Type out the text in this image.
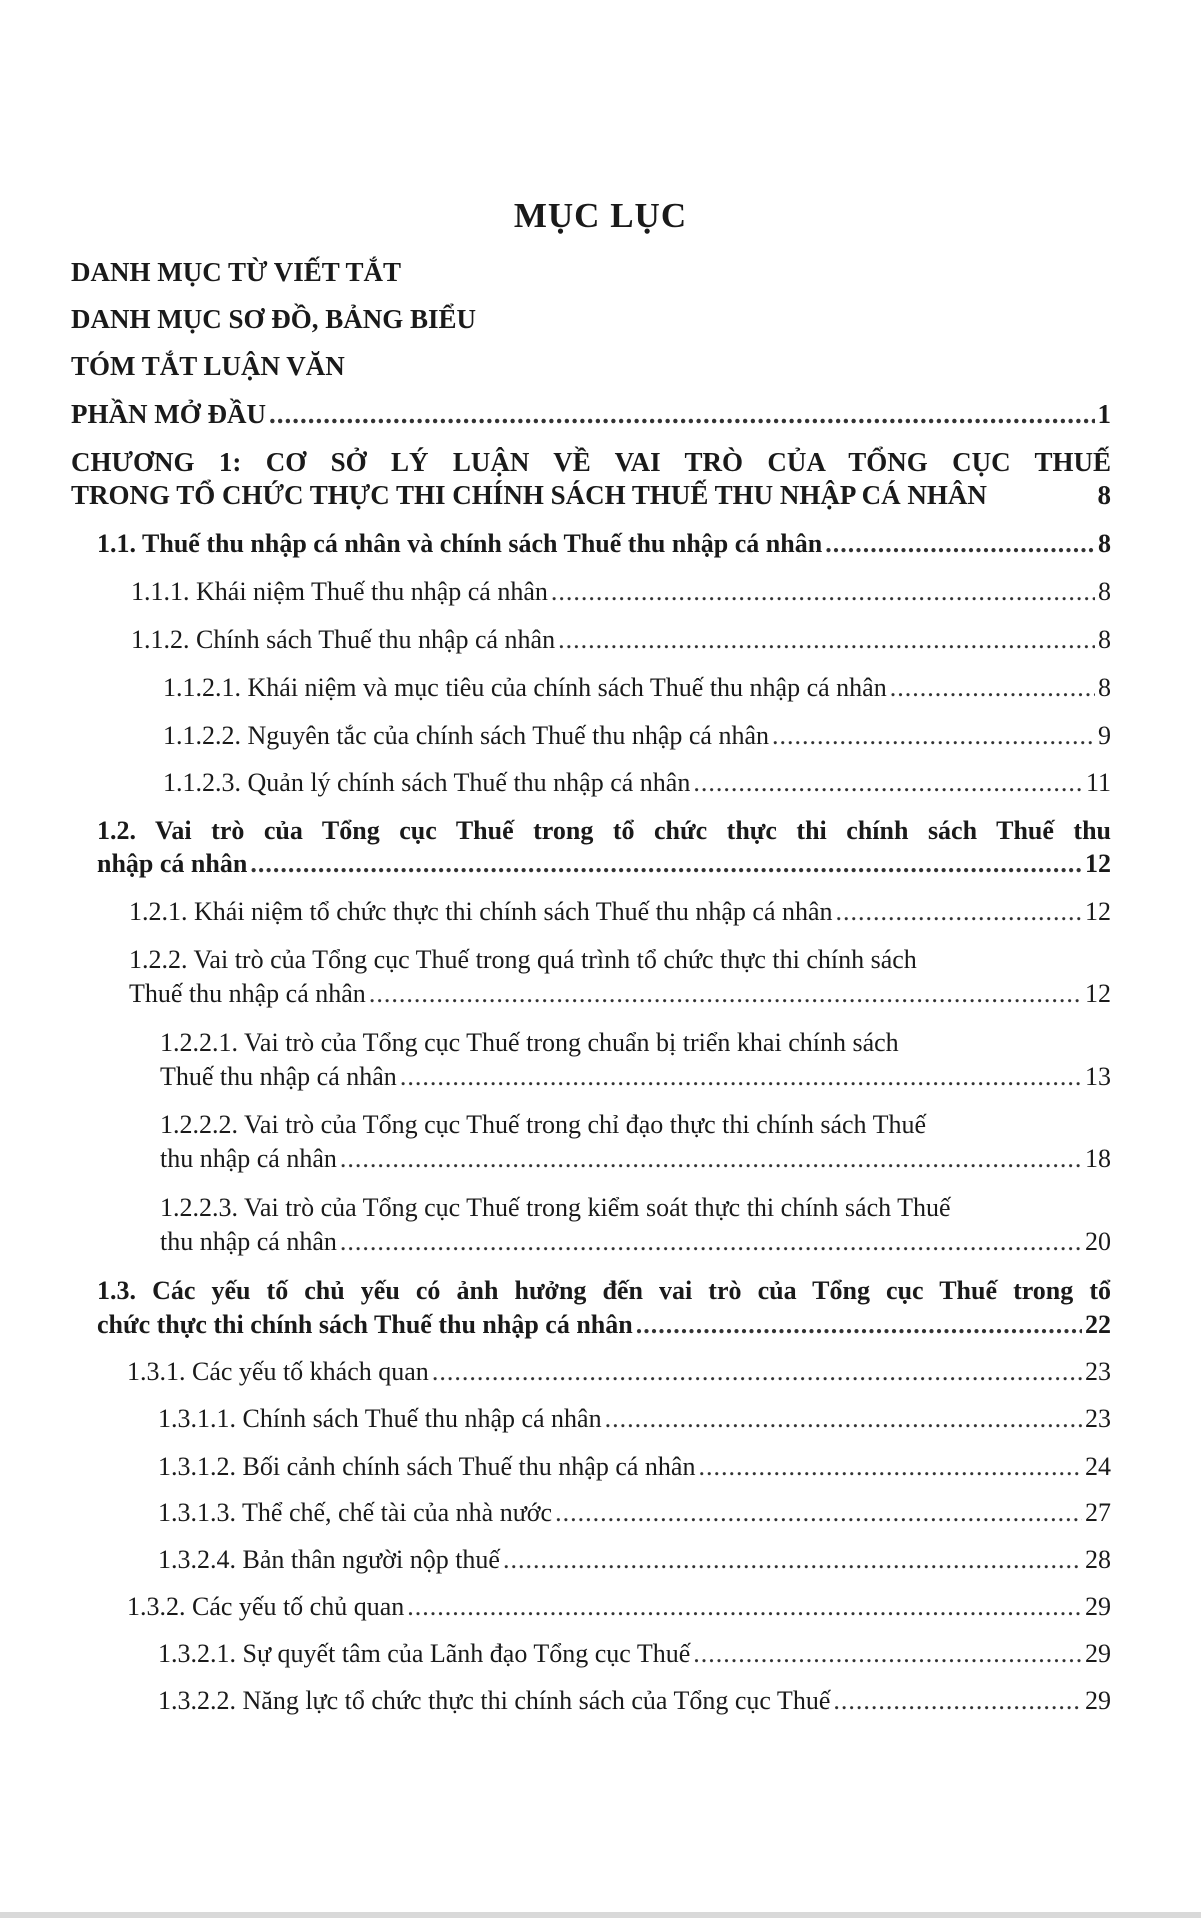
MỤC LỤC
DANH MỤC TỪ VIẾT TẮT
DANH MỤC SƠ ĐỒ, BẢNG BIỂU
TÓM TẮT LUẬN VĂN
PHẦN MỞ ĐẦU .....	1
CHƯƠNG 1: CƠ SỞ LÝ LUẬN VỀ VAI TRÒ CỦA TỔNG CỤC THUẾ
TRONG TỔ CHỨC THỰC THI CHÍNH SÁCH THUẾ THU NHẬP CÁ NHÂN	8
1.1. Thuế thu nhập cá nhân và chính sách Thuế thu nhập cá nhân .....	8
1.1.1. Khái niệm Thuế thu nhập cá nhân .....	8
1.1.2. Chính sách Thuế thu nhập cá nhân .....	8
1.1.2.1. Khái niệm và mục tiêu của chính sách Thuế thu nhập cá nhân .....	8
1.1.2.2. Nguyên tắc của chính sách Thuế thu nhập cá nhân .....	9
1.1.2.3. Quản lý chính sách Thuế thu nhập cá nhân .....	11
1.2. Vai trò của Tổng cục Thuế trong tổ chức thực thi chính sách Thuế thu
nhập cá nhân .....	12
1.2.1. Khái niệm tổ chức thực thi chính sách Thuế thu nhập cá nhân .....	12
1.2.2. Vai trò của Tổng cục Thuế trong quá trình tổ chức thực thi chính sách
Thuế thu nhập cá nhân .....	12
1.2.2.1. Vai trò của Tổng cục Thuế trong chuẩn bị triển khai chính sách
Thuế thu nhập cá nhân .....	13
1.2.2.2. Vai trò của Tổng cục Thuế trong chỉ đạo thực thi chính sách Thuế
thu nhập cá nhân .....	18
1.2.2.3. Vai trò của Tổng cục Thuế trong kiểm soát thực thi chính sách Thuế
thu nhập cá nhân .....	20
1.3. Các yếu tố chủ yếu có ảnh hưởng đến vai trò của Tổng cục Thuế trong tổ
chức thực thi chính sách Thuế thu nhập cá nhân .....	22
1.3.1. Các yếu tố khách quan .....	23
1.3.1.1. Chính sách Thuế thu nhập cá nhân .....	23
1.3.1.2. Bối cảnh chính sách Thuế thu nhập cá nhân .....	24
1.3.1.3. Thể chế, chế tài của nhà nước .....	27
1.3.2.4. Bản thân người nộp thuế .....	28
1.3.2. Các yếu tố chủ quan .....	29
1.3.2.1. Sự quyết tâm của Lãnh đạo Tổng cục Thuế .....	29
1.3.2.2. Năng lực tổ chức thực thi chính sách của Tổng cục Thuế .....	29
